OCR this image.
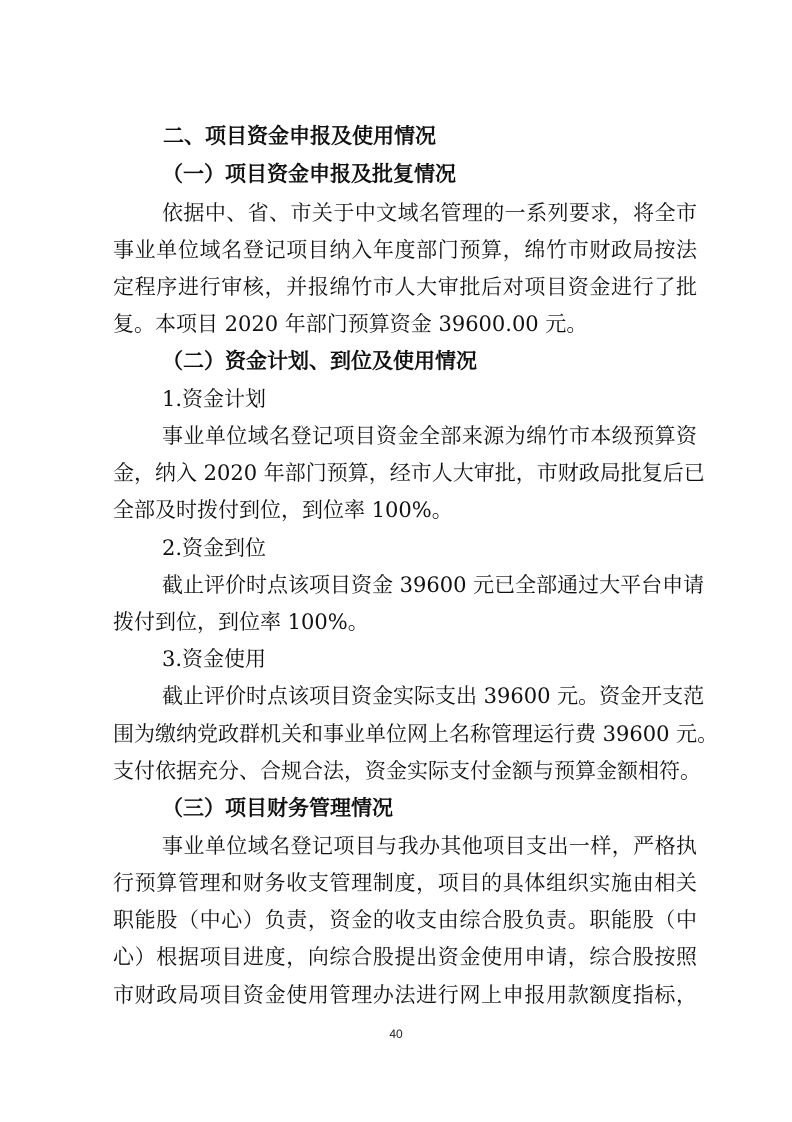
二、项目资金申报及使用情况
（一）项目资金申报及批复情况
依据中、省、市关于中文域名管理的一系列要求，将全市
事业单位域名登记项目纳入年度部门预算，绵竹市财政局按法
定程序进行审核，并报绵竹市人大审批后对项目资金进行了批
复。本项目 2020 年部门预算资金 39600.00 元。
（二）资金计划、到位及使用情况
1.资金计划
事业单位域名登记项目资金全部来源为绵竹市本级预算资
金，纳入 2020 年部门预算，经市人大审批，市财政局批复后已
全部及时拨付到位，到位率 100%。
2.资金到位
截止评价时点该项目资金 39600 元已全部通过大平台申请
拨付到位，到位率 100%。
3.资金使用
截止评价时点该项目资金实际支出 39600 元。资金开支范
围为缴纳党政群机关和事业单位网上名称管理运行费 39600 元。
支付依据充分、合规合法，资金实际支付金额与预算金额相符。
（三）项目财务管理情况
事业单位域名登记项目与我办其他项目支出一样，严格执
行预算管理和财务收支管理制度，项目的具体组织实施由相关
职能股（中心）负责，资金的收支由综合股负责。职能股（中
心）根据项目进度，向综合股提出资金使用申请，综合股按照
市财政局项目资金使用管理办法进行网上申报用款额度指标，
40
